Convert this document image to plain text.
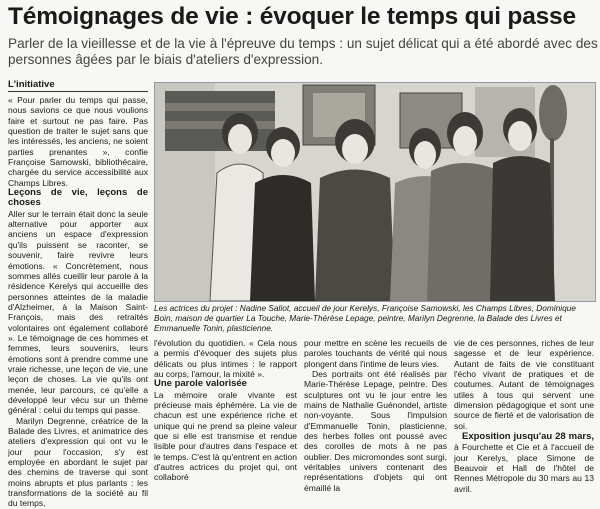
Témoignages de vie : évoquer le temps qui passe
Parler de la vieillesse et de la vie à l'épreuve du temps : un sujet délicat qui a été abordé avec des personnes âgées par le biais d'ateliers d'expression.
L'initiative

« Pour parler du temps qui passe, nous savions ce que nous voulions faire et surtout ne pas faire. Pas question de traiter le sujet sans que les intéressés, les anciens, ne soient parties prenantes », confie Françoise Samowski, bibliothécaire, chargée du service accessibilité aux Champs Libres.

Leçons de vie, leçons de choses

Aller sur le terrain était donc la seule alternative pour apporter aux anciens un espace d'expression qu'ils puissent se raconter, se souvenir, faire revivre leurs émotions. « Concrètement, nous sommes allés cueillir leur parole à la résidence Kerelys qui accueille des personnes atteintes de la maladie d'Alzheimer, à la Maison Saint-François, mais des retraités volontaires ont également collaboré ». Le témoignage de ces hommes et femmes, leurs souvenirs, leurs émotions sont à prendre comme une vraie richesse, une leçon de vie, une leçon de choses. La vie qu'ils ont menée, leur parcours, ce qu'elle a développé leur vécu sur un thème général : celui du temps qui passe.

Marilyn Degrenne, créatrice de la Balade des Livres, et animatrice des ateliers d'expression qui ont vu le jour pour l'occasion, s'y est employée en abordant le sujet par des chemins de traverse qui sont moins abrupts et plus parlants : les transformations de la société au fil du temps,

Les actrices du projet : Nadine Saliot, accueil de jour Kerelys, Françoise Samowski, les Champs Libres, Dominique Boin, maison de quartier La Touche, Marie-Thérèse Lepage, peintre, Marilyn Degrenne, la Balade des Livres et Emmanuelle Tonin, plasticienne.

l'évolution du quotidien. « Cela nous a permis d'évoquer des sujets plus délicats ou plus intimes : le rapport au corps, l'amour, la mixité ».

Une parole valorisée

La mémoire orale vivante est précieuse mais éphémère. La vie de chacun est une expérience riche et unique qui ne prend sa pleine valeur que si elle est transmise et rendue lisible pour d'autres dans l'espace et le temps. C'est là qu'entrent en action d'autres actrices du projet qui, ont collaboré

pour mettre en scène les recueils de paroles touchants de vérité qui nous plongent dans l'intime de leurs vies.

Des portraits ont été réalisés par Marie-Thérèse Lepage, peintre. Des sculptures ont vu le jour entre les mains de Nathalie Guénondel, artiste non-voyante. Sous l'impulsion d'Emmanuelle Tonin, plasticienne, des herbes folles ont poussé avec des corolles de mots à ne pas oublier. Des micromondes sont surgi, véritables univers contenant des représentations d'objets qui ont émaillé la

vie de ces personnes, riches de leur sagesse et de leur expérience. Autant de faits de vie constituant l'écho vivant de pratiques et de coutumes. Autant de témoignages utiles à tous qui servent une dimension pédagogique et sont une source de fierté et de valorisation de soi.

Exposition jusqu'au 28 mars, à Fourchette et Cie et à l'accueil de jour Kerelys, place Simone de Beauvoir et Hall de l'hôtel de Rennes Métropole du 30 mars au 13 avril.
